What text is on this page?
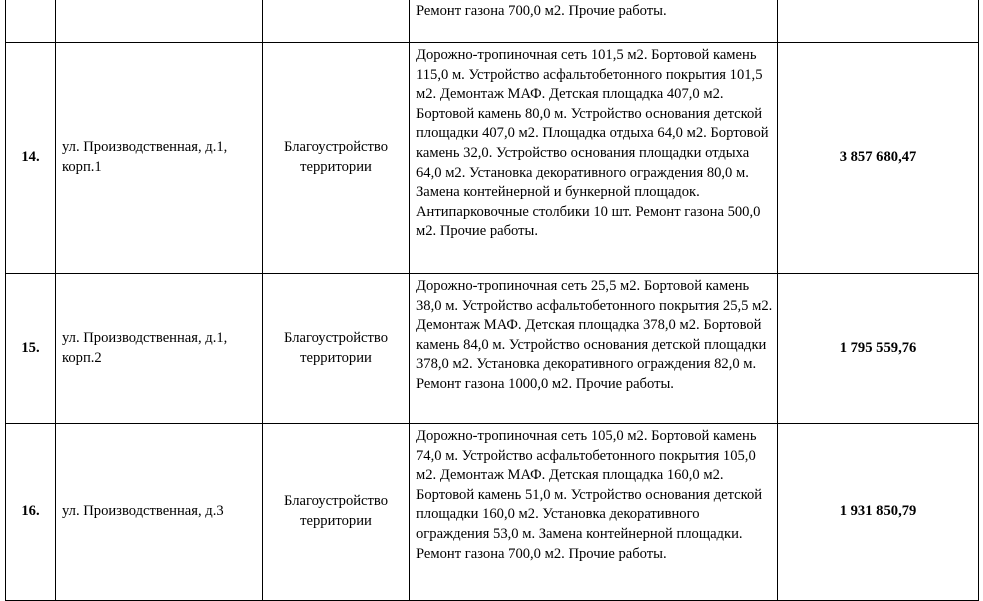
			Ремонт газона 700,0 м2. Прочие работы.	
14.	ул. Производственная, д.1, корп.1	Благоустройство территории	Дорожно-тропиночная сеть 101,5 м2. Бортовой камень 115,0 м. Устройство асфальтобетонного покрытия 101,5 м2. Демонтаж МАФ. Детская площадка 407,0 м2. Бортовой камень 80,0 м. Устройство основания детской площадки 407,0 м2. Площадка отдыха 64,0 м2. Бортовой камень 32,0. Устройство основания площадки отдыха 64,0 м2. Установка декоративного ограждения 80,0 м. Замена контейнерной и бункерной площадок. Антипарковочные столбики 10 шт. Ремонт газона 500,0 м2. Прочие работы.	3 857 680,47
15.	ул. Производственная, д.1, корп.2	Благоустройство территории	Дорожно-тропиночная сеть 25,5 м2. Бортовой камень 38,0 м. Устройство асфальтобетонного покрытия 25,5 м2. Демонтаж МАФ. Детская площадка 378,0 м2. Бортовой камень 84,0 м. Устройство основания детской площадки 378,0 м2. Установка декоративного ограждения 82,0 м. Ремонт газона 1000,0 м2. Прочие работы.	1 795 559,76
16.	ул. Производственная, д.3	Благоустройство территории	Дорожно-тропиночная сеть 105,0 м2. Бортовой камень 74,0 м. Устройство асфальтобетонного покрытия 105,0 м2. Демонтаж МАФ. Детская площадка 160,0 м2. Бортовой камень 51,0 м. Устройство основания детской площадки 160,0 м2. Установка декоративного ограждения 53,0 м. Замена контейнерной площадки. Ремонт газона 700,0 м2. Прочие работы.	1 931 850,79
